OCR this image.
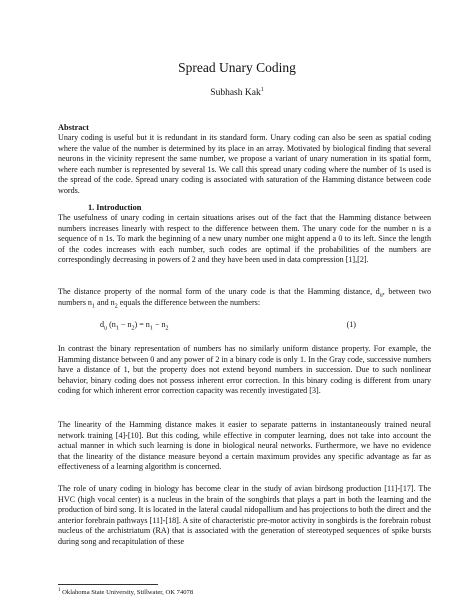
Spread Unary Coding
Subhash Kak$^1$
Abstract
Unary coding is useful but it is redundant in its standard form. Unary coding can also be seen as spatial coding where the value of the number is determined by its place in an array. Motivated by biological finding that several neurons in the vicinity represent the same number, we propose a variant of unary numeration in its spatial form, where each number is represented by several 1s. We call this spread unary coding where the number of 1s used is the spread of the code. Spread unary coding is associated with saturation of the Hamming distance between code words.
1. Introduction
The usefulness of unary coding in certain situations arises out of the fact that the Hamming distance between numbers increases linearly with respect to the difference between them. The unary code for the number n is a sequence of n 1s. To mark the beginning of a new unary number one might append a 0 to its left. Since the length of the codes increases with each number, such codes are optimal if the probabilities of the numbers are correspondingly decreasing in powers of 2 and they have been used in data compression [1],[2].
The distance property of the normal form of the unary code is that the Hamming distance, $d_u$, between two numbers $n_1$ and $n_2$ equals the difference between the numbers:
$d_u$ $(n_1 - n_2) = n_1 - n_2$	(1)
In contrast the binary representation of numbers has no similarly uniform distance property. For example, the Hamming distance between 0 and any power of 2 in a binary code is only 1. In the Gray code, successive numbers have a distance of 1, but the property does not extend beyond numbers in succession. Due to such nonlinear behavior, binary coding does not possess inherent error correction. In this binary coding is different from unary coding for which inherent error correction capacity was recently investigated [3].
The linearity of the Hamming distance makes it easier to separate patterns in instantaneously trained neural network training [4]-[10]. But this coding, while effective in computer learning, does not take into account the actual manner in which such learning is done in biological neural networks. Furthermore, we have no evidence that the linearity of the distance measure beyond a certain maximum provides any specific advantage as far as effectiveness of a learning algorithm is concerned.
The role of unary coding in biology has become clear in the study of avian birdsong production [11]-[17]. The HVC (high vocal center) is a nucleus in the brain of the songbirds that plays a part in both the learning and the production of bird song. It is located in the lateral caudal nidopallium and has projections to both the direct and the anterior forebrain pathways [11]-[18]. A site of characteristic pre-motor activity in songbirds is the forebrain robust nucleus of the archistriatum (RA) that is associated with the generation of stereotyped sequences of spike bursts during song and recapitulation of these
$^1$ Oklahoma State University, Stillwater, OK 74078
